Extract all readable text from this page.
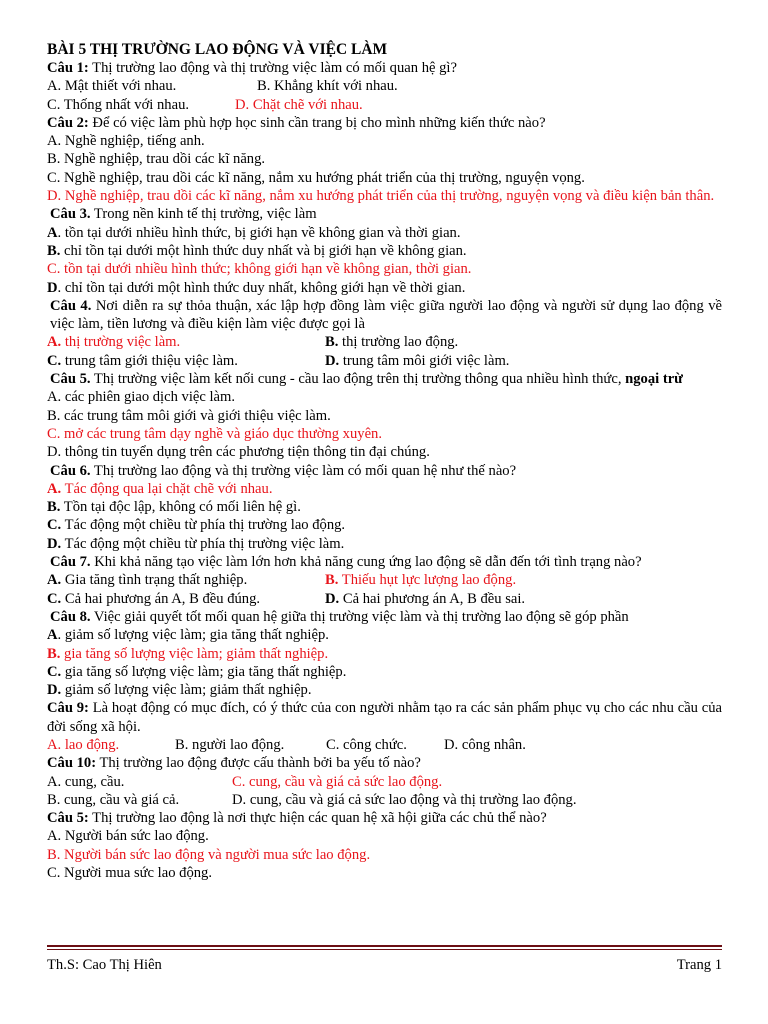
BÀI 5 THỊ TRƯỜNG LAO ĐỘNG VÀ VIỆC LÀM

Câu 1: Thị trường lao động và thị trường việc làm có mối quan hệ gì?

A. Mật thiết với nhau.	B. Khẳng khít với nhau.
C. Thống nhất với nhau.	D. Chặt chẽ với nhau.

Câu 2: Để có việc làm phù hợp học sinh cần trang bị cho mình những kiến thức nào?

A. Nghề nghiệp, tiếng anh.

B. Nghề nghiệp, trau dồi các kĩ năng.

C. Nghề nghiệp, trau dồi các kĩ năng, nắm xu hướng phát triển của thị trường, nguyện vọng.

D. Nghề nghiệp, trau dồi các kĩ năng, nắm xu hướng phát triển của thị trường, nguyện vọng và điều kiện bản thân.

Câu 3. Trong nền kinh tế thị trường, việc làm

A. tồn tại dưới nhiều hình thức, bị giới hạn về không gian và thời gian.

B. chỉ tồn tại dưới một hình thức duy nhất và bị giới hạn về không gian.

C. tồn tại dưới nhiều hình thức; không giới hạn về không gian, thời gian.

D. chỉ tồn tại dưới một hình thức duy nhất, không giới hạn về thời gian.

Câu 4. Nơi diễn ra sự thỏa thuận, xác lập hợp đồng làm việc giữa người lao động và người sử dụng lao động về việc làm, tiền lương và điều kiện làm việc được gọi là

A. thị trường việc làm.	B. thị trường lao động.
C. trung tâm giới thiệu việc làm.	D. trung tâm môi giới việc làm.

Câu 5. Thị trường việc làm kết nối cung - cầu lao động trên thị trường thông qua nhiều hình thức, ngoại trừ

A. các phiên giao dịch việc làm.

B. các trung tâm môi giới và giới thiệu việc làm.

C. mở các trung tâm dạy nghề và giáo dục thường xuyên.

D. thông tin tuyển dụng trên các phương tiện thông tin đại chúng.

Câu 6. Thị trường lao động và thị trường việc làm có mối quan hệ như thế nào?

A. Tác động qua lại chặt chẽ với nhau.

B. Tồn tại độc lập, không có mối liên hệ gì.

C. Tác động một chiều từ phía thị trường lao động.

D. Tác động một chiều từ phía thị trường việc làm.

Câu 7. Khi khả năng tạo việc làm lớn hơn khả năng cung ứng lao động sẽ dẫn đến tới tình trạng nào?

A. Gia tăng tình trạng thất nghiệp.	B. Thiếu hụt lực lượng lao động.
C. Cả hai phương án A, B đều đúng.	D. Cả hai phương án A, B đều sai.

Câu 8. Việc giải quyết tốt mối quan hệ giữa thị trường việc làm và thị trường lao động sẽ góp phần

A. giảm số lượng việc làm; gia tăng thất nghiệp.

B. gia tăng số lượng việc làm; giảm thất nghiệp.

C. gia tăng số lượng việc làm; gia tăng thất nghiệp.

D. giảm số lượng việc làm; giảm thất nghiệp.

Câu 9: Là hoạt động có mục đích, có ý thức của con người nhằm tạo ra các sản phẩm phục vụ cho các nhu cầu của đời sống xã hội.

A. lao động.	B. người lao động.	C. công chức.	D. công nhân.

Câu 10: Thị trường lao động được cấu thành bởi ba yếu tố nào?

A. cung, cầu.	C. cung, cầu và giá cả sức lao động.
B. cung, cầu và giá cả.	D. cung, cầu và giá cả sức lao động và thị trường lao động.

Câu 5: Thị trường lao động là nơi thực hiện các quan hệ xã hội giữa các chủ thể nào?

A. Người bán sức lao động.

B. Người bán sức lao động và người mua sức lao động.

C. Người mua sức lao động.

Th.S: Cao Thị Hiên	Trang 1
